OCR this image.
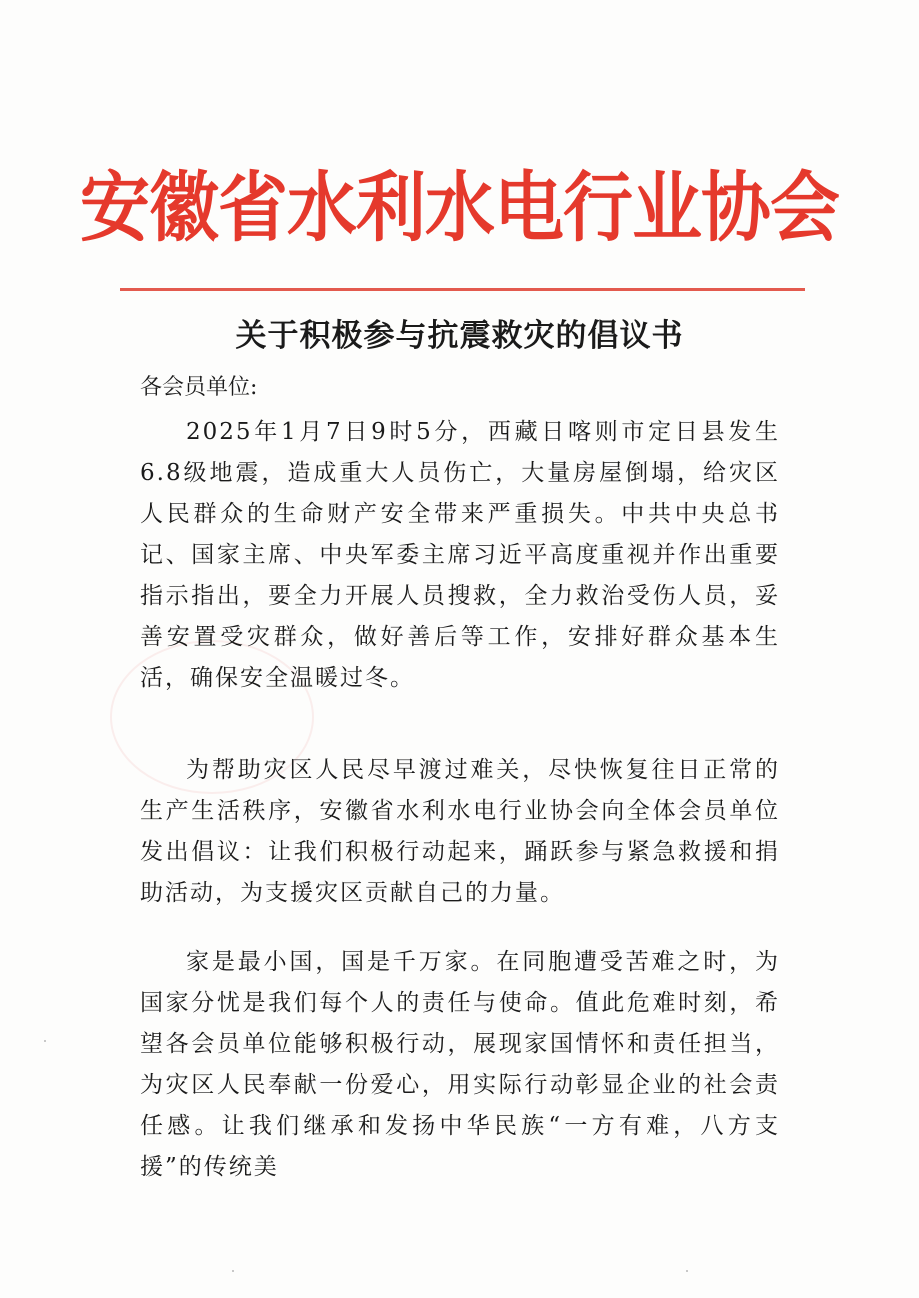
安徽省水利水电行业协会
关于积极参与抗震救灾的倡议书
各会员单位:
2025年1月7日9时5分，西藏日喀则市定日县发生6.8级地震，造成重大人员伤亡，大量房屋倒塌，给灾区人民群众的生命财产安全带来严重损失。中共中央总书记、国家主席、中央军委主席习近平高度重视并作出重要指示指出，要全力开展人员搜救，全力救治受伤人员，妥善安置受灾群众，做好善后等工作，安排好群众基本生活，确保安全温暖过冬。
为帮助灾区人民尽早渡过难关，尽快恢复往日正常的生产生活秩序，安徽省水利水电行业协会向全体会员单位发出倡议：让我们积极行动起来，踊跃参与紧急救援和捐助活动，为支援灾区贡献自己的力量。
家是最小国，国是千万家。在同胞遭受苦难之时，为国家分忧是我们每个人的责任与使命。值此危难时刻，希望各会员单位能够积极行动，展现家国情怀和责任担当，为灾区人民奉献一份爱心，用实际行动彰显企业的社会责任感。让我们继承和发扬中华民族“一方有难，八方支援”的传统美
